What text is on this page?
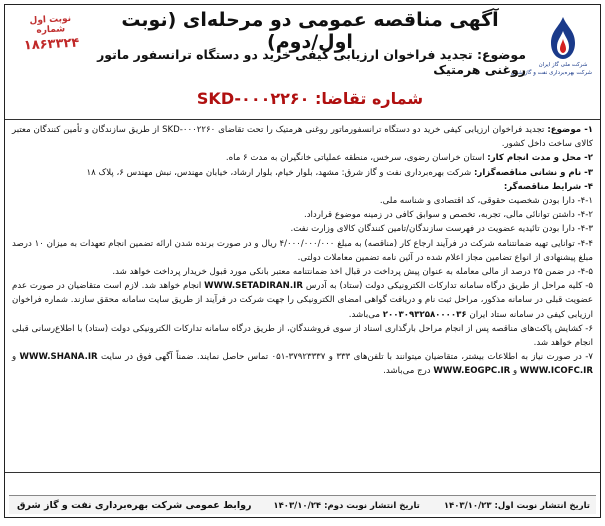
شرکت ملی گاز ایران
شرکت بهره‌برداری نفت و گاز شرق
آگهی مناقصه عمومی دو مرحله‌ای (نوبت اول/دوم)
موضوع: تجدید فراخوان ارزیابی کیفی خرید دو دستگاه ترانسفور ماتور روغنی هرمتیک
شماره تقاضا: SKD-۰۰۰۲۲۶۰
نوبت اول
شماره
۱۸۶۳۳۲۴

۱- موضوع: تجدید فراخوان ارزیابی کیفی خرید دو دستگاه ترانسفورماتور روغنی هرمتیک را تحت تقاضای SKD-۰۰۰۲۲۶۰ از طریق سازندگان و تأمین کنندگان معتبر کالای ساخت داخل کشور.

۲- محل و مدت انجام کار: استان خراسان رضوی، سرخس، منطقه عملیاتی خانگیران به مدت ۶ ماه.

۳- نام و نشانی مناقصه‌گزار: شرکت بهره‌برداری نفت و گاز شرق: مشهد، بلوار خیام، بلوار ارشاد، خیابان مهندس، نبش مهندس ۶، پلاک ۱۸

۴- شرایط مناقصه‌گر:

۴-۱- دارا بودن شخصیت حقوقی، کد اقتصادی و شناسه ملی.

۴-۲- داشتن توانائی مالی، تجربه، تخصص و سوابق کافی در زمینه موضوع قرارداد.

۴-۳- دارا بودن تائیدیه عضویت در فهرست سازندگان/تامین کنندگان کالای وزارت نفت.

۴-۴- توانایی تهیه ضمانتنامه شرکت در فرآیند ارجاع کار (مناقصه) به مبلغ ۴/۰۰۰/۰۰۰/۰۰۰ ریال و در صورت برنده شدن ارائه تضمین انجام تعهدات به میزان ۱۰ درصد مبلغ پیشنهادی از انواع تضامین مجاز اعلام شده در آئین نامه تضمین معاملات دولتی.

۴-۵- در ضمن ۲۵ درصد از مالی معامله به عنوان پیش پرداخت در قبال اخذ ضمانتنامه معتبر بانکی مورد قبول خریدار پرداخت خواهد شد.

۵- کلیه مراحل از طریق درگاه سامانه تدارکات الکترونیکی دولت (ستاد) به آدرس WWW.SETADIRAN.IR انجام خواهد شد. لازم است متقاضیان در صورت عدم عضویت قبلی در سامانه مذکور، مراحل ثبت نام و دریافت گواهی امضای الکترونیکی را جهت شرکت در فرآیند از طریق سایت سامانه محقق سازند. شماره فراخوان ارزیابی کیفی در سامانه ستاد ایران ۲۰۰۳۰۹۳۲۵۸۰۰۰۰۳۶ می‌باشد.

۶- کشایش پاکت‌های مناقصه پس از انجام مراحل بارگذاری اسناد از سوی فروشندگان، از طریق درگاه سامانه تدارکات الکترونیکی دولت (ستاد) با اطلاع‌رسانی قبلی انجام خواهد شد.

۷- در صورت نیاز به اطلاعات بیشتر، متقاضیان میتوانند با تلفن‌های ۳۳۳ و ۳۷۹۲۳۳۳۷-۰۵۱ تماس حاصل نمایند. ضمناً آگهی فوق در سایت WWW.SHANA.IR و WWW.ICOFC.IR و WWW.EOGPC.IR درج می‌باشد.

تاریخ انتشار نوبت اول: ۱۴۰۳/۱۰/۲۳تاریخ انتشار نوبت دوم: ۱۴۰۳/۱۰/۲۴
روابط عمومی شرکت بهره‌برداری نفت و گاز شرق
